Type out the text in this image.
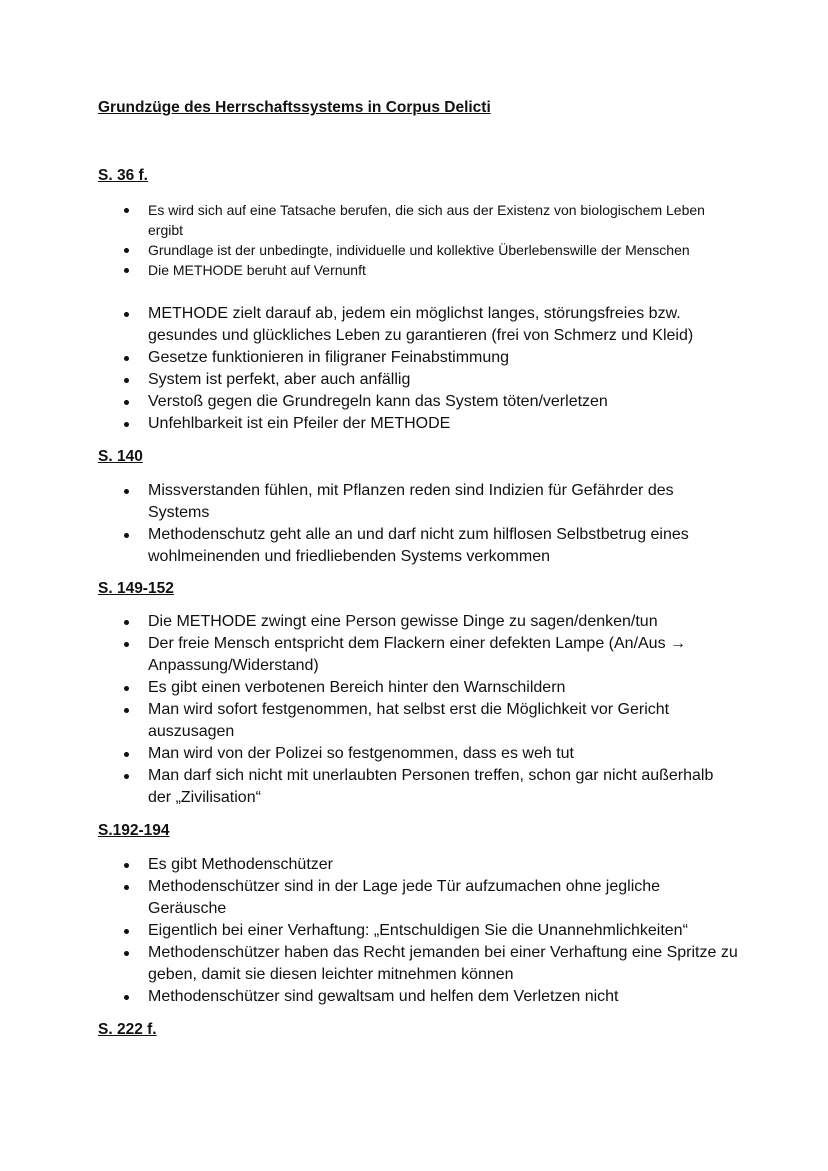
Grundzüge des Herrschaftssystems in Corpus Delicti
S. 36 f.
Es wird sich auf eine Tatsache berufen, die sich aus der Existenz von biologischem Leben ergibt
Grundlage ist der unbedingte, individuelle und kollektive Überlebenswille der Menschen
Die METHODE beruht auf Vernunft
METHODE zielt darauf ab, jedem ein möglichst langes, störungsfreies bzw. gesundes und glückliches Leben zu garantieren (frei von Schmerz und Kleid)
Gesetze funktionieren in filigraner Feinabstimmung
System ist perfekt, aber auch anfällig
Verstoß gegen die Grundregeln kann das System töten/verletzen
Unfehlbarkeit ist ein Pfeiler der METHODE
S. 140
Missverstanden fühlen, mit Pflanzen reden sind Indizien für Gefährder des Systems
Methodenschutz geht alle an und darf nicht zum hilflosen Selbstbetrug eines wohlmeinenden und friedliebenden Systems verkommen
S. 149-152
Die METHODE zwingt eine Person gewisse Dinge zu sagen/denken/tun
Der freie Mensch entspricht dem Flackern einer defekten Lampe (An/Aus → Anpassung/Widerstand)
Es gibt einen verbotenen Bereich hinter den Warnschildern
Man wird sofort festgenommen, hat selbst erst die Möglichkeit vor Gericht auszusagen
Man wird von der Polizei so festgenommen, dass es weh tut
Man darf sich nicht mit unerlaubten Personen treffen, schon gar nicht außerhalb der „Zivilisation“
S.192-194
Es gibt Methodenschützer
Methodenschützer sind in der Lage jede Tür aufzumachen ohne jegliche Geräusche
Eigentlich bei einer Verhaftung: „Entschuldigen Sie die Unannehmlichkeiten“
Methodenschützer haben das Recht jemanden bei einer Verhaftung eine Spritze zu geben, damit sie diesen leichter mitnehmen können
Methodenschützer sind gewaltsam und helfen dem Verletzen nicht
S. 222 f.
